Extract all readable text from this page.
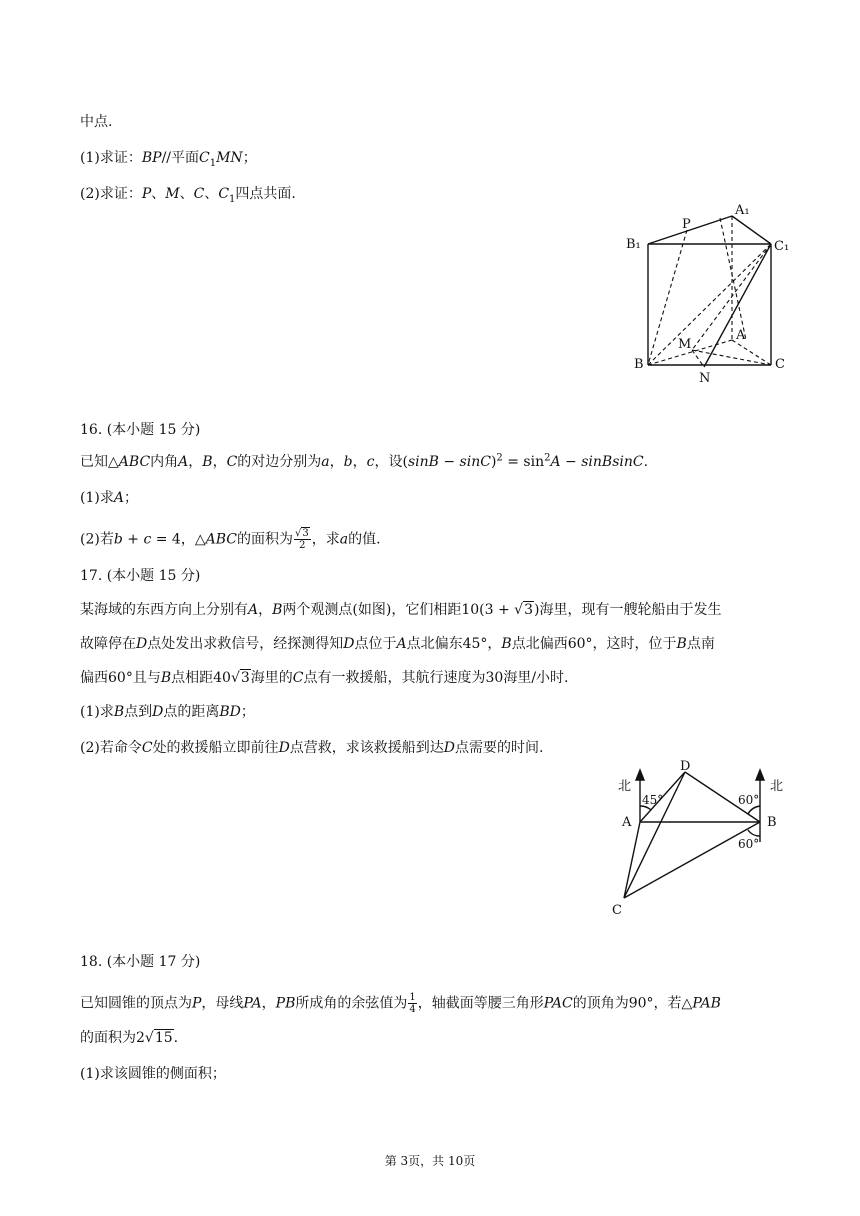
中点.
(1)求证：BP//平面$C_1MN$；
(2)求证：P、M、C、$C_1$四点共面.
P
A₁
B₁	C₁
M
A
B	C
N
16. (本小题 15 分)
已知△ABC内角A，B，C的对边分别为a，b，c，设$(\sin B - \sin C)^2 = \sin^2A$ − sinBsinC.
(1)求A；
(2)若b + c = 4，△ABC的面积为 $\frac{√3}{2}$ ，求a的值.
17. (本小题 15 分)
某海域的东西方向上分别有A，B两个观测点(如图)，它们相距10(3 + √3)海里，现有一艘轮船由于发生
故障停在D点处发出求救信号，经探测得知D点位于A点北偏东45°，B点北偏西60°，这时，位于B点南
偏西60°且与B点相距40√3海里的C点有一救援船，其航行速度为30海里/小时.
(1)求B点到D点的距离BD；
(2)若命令C处的救援船立即前往D点营救，求该救援船到达D点需要的时间.
北
D
北
45°	60°
A	B
60°
C
18. (本小题 17 分)
已知圆锥的顶点为P，母线PA，PB所成角的余弦值为 $\frac{1}{4}$ ，轴截面等腰三角形PAC的顶角为90°，若△PAB
的面积为2√15.
(1)求该圆锥的侧面积；
第 3页，共 10页
